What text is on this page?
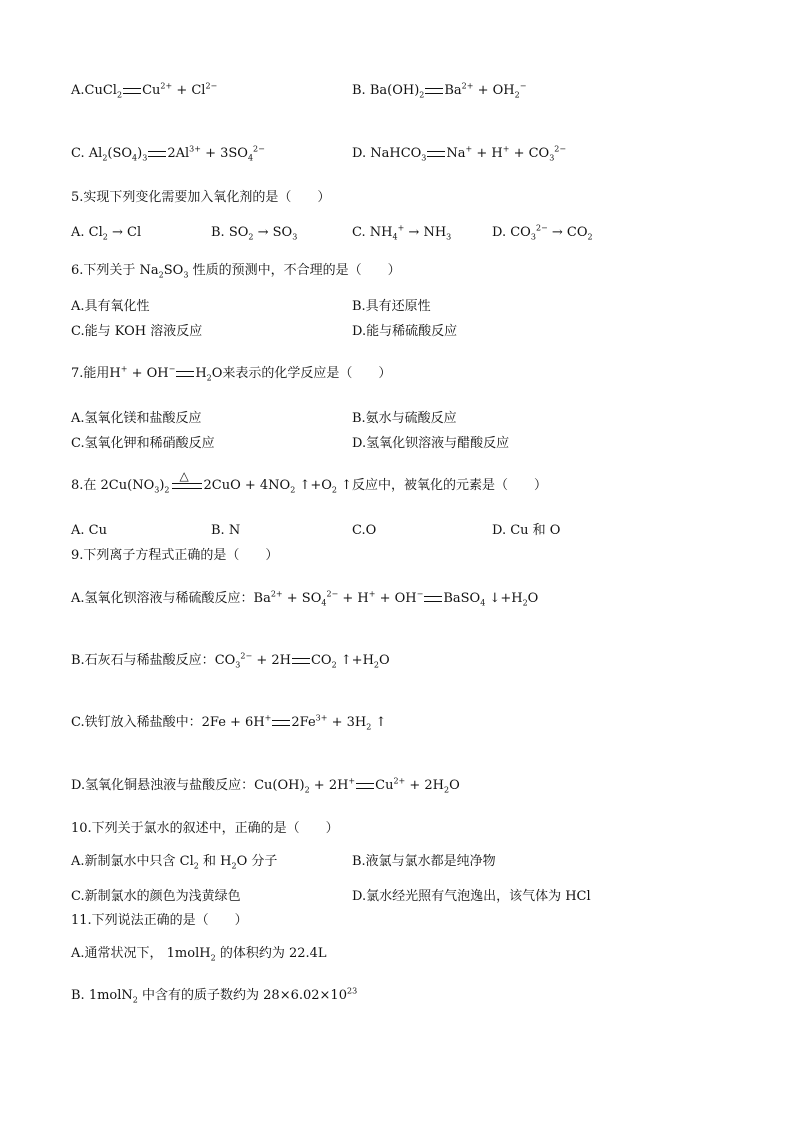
A.CuCl$_2$ $Cu^{2+} + Cl^{2-}$	B. $Ba(OH)_2$ $Ba^{2+} + OH_2^-$
C. $Al_2(SO_4)_3$ $2Al^{3+} + 3SO_4^{2-}$	D. NaHCO$_3$ $Na^+ + H^+ + CO_3^{2-}$
5.实现下列变化需要加入氧化剂的是（　　）
A. $Cl_2 \to Cl$	B. $SO_2 \to SO_3$	C. $NH_4^+ \to NH_3$	D. $CO_3^{2-} \to CO_2$
6.下列关于 $Na_2SO_3$ 性质的预测中，不合理的是（　　）
A.具有氧化性	B.具有还原性
C.能与 KOH 溶液反应	D.能与稀硫酸反应
7.能用H+ + OH− $H_2O$来表示的化学反应是（　　）
A.氢氧化镁和盐酸反应	B.氨水与硫酸反应
C.氢氧化钾和稀硝酸反应	D.氢氧化钡溶液与醋酸反应
8.在 $2Cu(NO_3)_2$
△
$2CuO + 4NO_2$ $↑+O_2$ ↑反应中，被氧化的元素是（　　）
A. Cu	B. N	C.O	D. Cu 和 O
9.下列离子方程式正确的是（　　）
A.氢氧化钡溶液与稀硫酸反应：$Ba^{2+} + SO_4^{2-} + H^+ + OH^-$ BaSO$_4$ $↓+H_2O$
B.石灰石与稀盐酸反应：$CO_3^{2-} + 2H$ $CO_2$ $↑+H_2O$
C.铁钉放入稀盐酸中：2Fe + 6H+ $2Fe^{3+} + 3H_2$ ↑
D.氢氧化铜悬浊液与盐酸反应：$Cu(OH)_2 + 2H^+$ $Cu^{2+} + 2H_2O$
10.下列关于氯水的叙述中，正确的是（　　）
A.新制氯水中只含 $Cl_2$ 和 $H_2O$ 分子	B.液氯与氯水都是纯净物
C.新制氯水的颜色为浅黄绿色	D.氯水经光照有气泡逸出，该气体为 HCl
11.下列说法正确的是（　　）
A.通常状况下， 1molH$_2$ 的体积约为 22.4L
B. 1molN$_2$ 中含有的质子数约为 $28\times 6.02\times 10^{23}$
